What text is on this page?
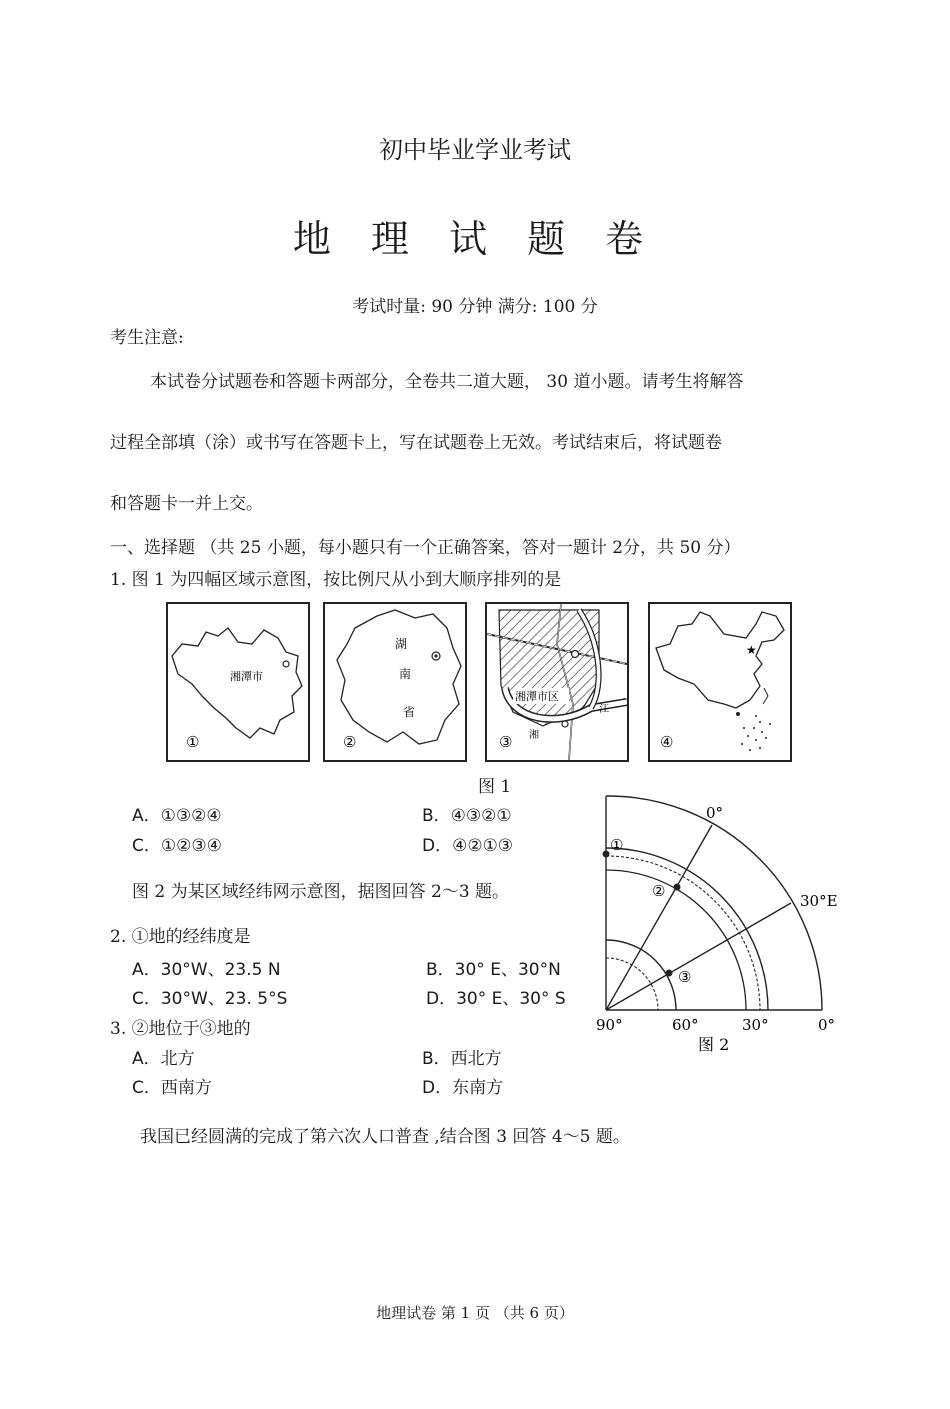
初中毕业学业考试
地 理 试 题 卷
考试时量: 90 分钟 满分: 100 分
考生注意:
本试卷分试题卷和答题卡两部分，全卷共二道大题， 30 道小题。请考生将解答
过程全部填（涂）或书写在答题卡上，写在试题卷上无效。考试结束后，将试题卷
和答题卡一并上交。
一、选择题 （共 25 小题，每小题只有一个正确答案，答对一题计 2分，共 50 分）
1. 图 1 为四幅区域示意图，按比例尺从小到大顺序排列的是
湘潭市
①
湖
南
省
②
湘潭市区
江
湘
③
★
④
图 1
A．①③②④	B．④③②①
C．①②③④	D．④②①③
图 2 为某区域经纬网示意图，据图回答 2～3 题。
2. ①地的经纬度是
A．30°W、23.5 N	B．30° E、30°N
C．30°W、23. 5°S	D．30° E、30° S
3. ②地位于③地的
A．北方	B．西北方
C．西南方	D．东南方
①
②
③
0°
30°E
90°	60°	30°	0°
图 2
我国已经圆满的完成了第六次人口普查 ,结合图 3 回答 4～5 题。
地理试卷 第 1 页 （共 6 页）
